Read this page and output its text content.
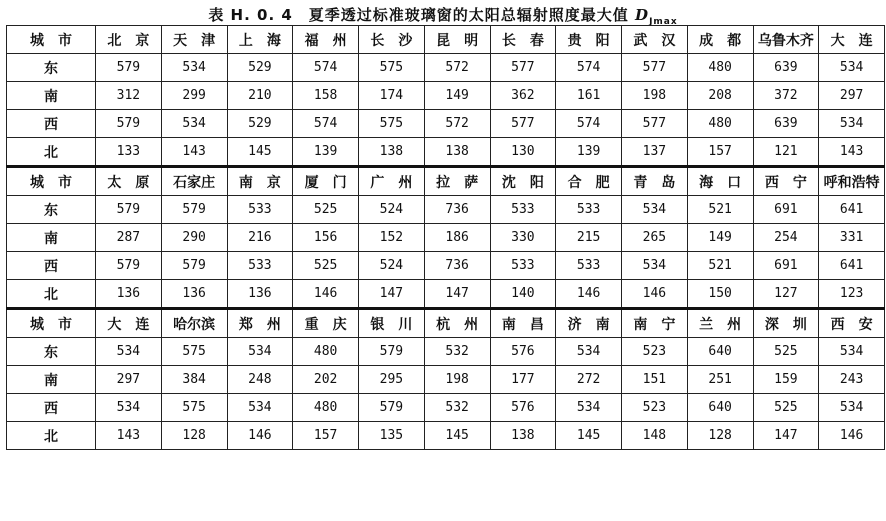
表 H. 0. 4　夏季透过标准玻璃窗的太阳总辐射照度最大值 $D_{Jmax}$
城　市	北　京	天　津	上　海	福　州	长　沙	昆　明	长　春	贵　阳	武　汉	成　都	乌鲁木齐	大　连
东	579	534	529	574	575	572	577	574	577	480	639	534
南	312	299	210	158	174	149	362	161	198	208	372	297
西	579	534	529	574	575	572	577	574	577	480	639	534
北	133	143	145	139	138	138	130	139	137	157	121	143
城　市	太　原	石家庄	南　京	厦　门	广　州	拉　萨	沈　阳	合　肥	青　岛	海　口	西　宁	呼和浩特
东	579	579	533	525	524	736	533	533	534	521	691	641
南	287	290	216	156	152	186	330	215	265	149	254	331
西	579	579	533	525	524	736	533	533	534	521	691	641
北	136	136	136	146	147	147	140	146	146	150	127	123
城　市	大　连	哈尔滨	郑　州	重　庆	银　川	杭　州	南　昌	济　南	南　宁	兰　州	深　圳	西　安
东	534	575	534	480	579	532	576	534	523	640	525	534
南	297	384	248	202	295	198	177	272	151	251	159	243
西	534	575	534	480	579	532	576	534	523	640	525	534
北	143	128	146	157	135	145	138	145	148	128	147	146
